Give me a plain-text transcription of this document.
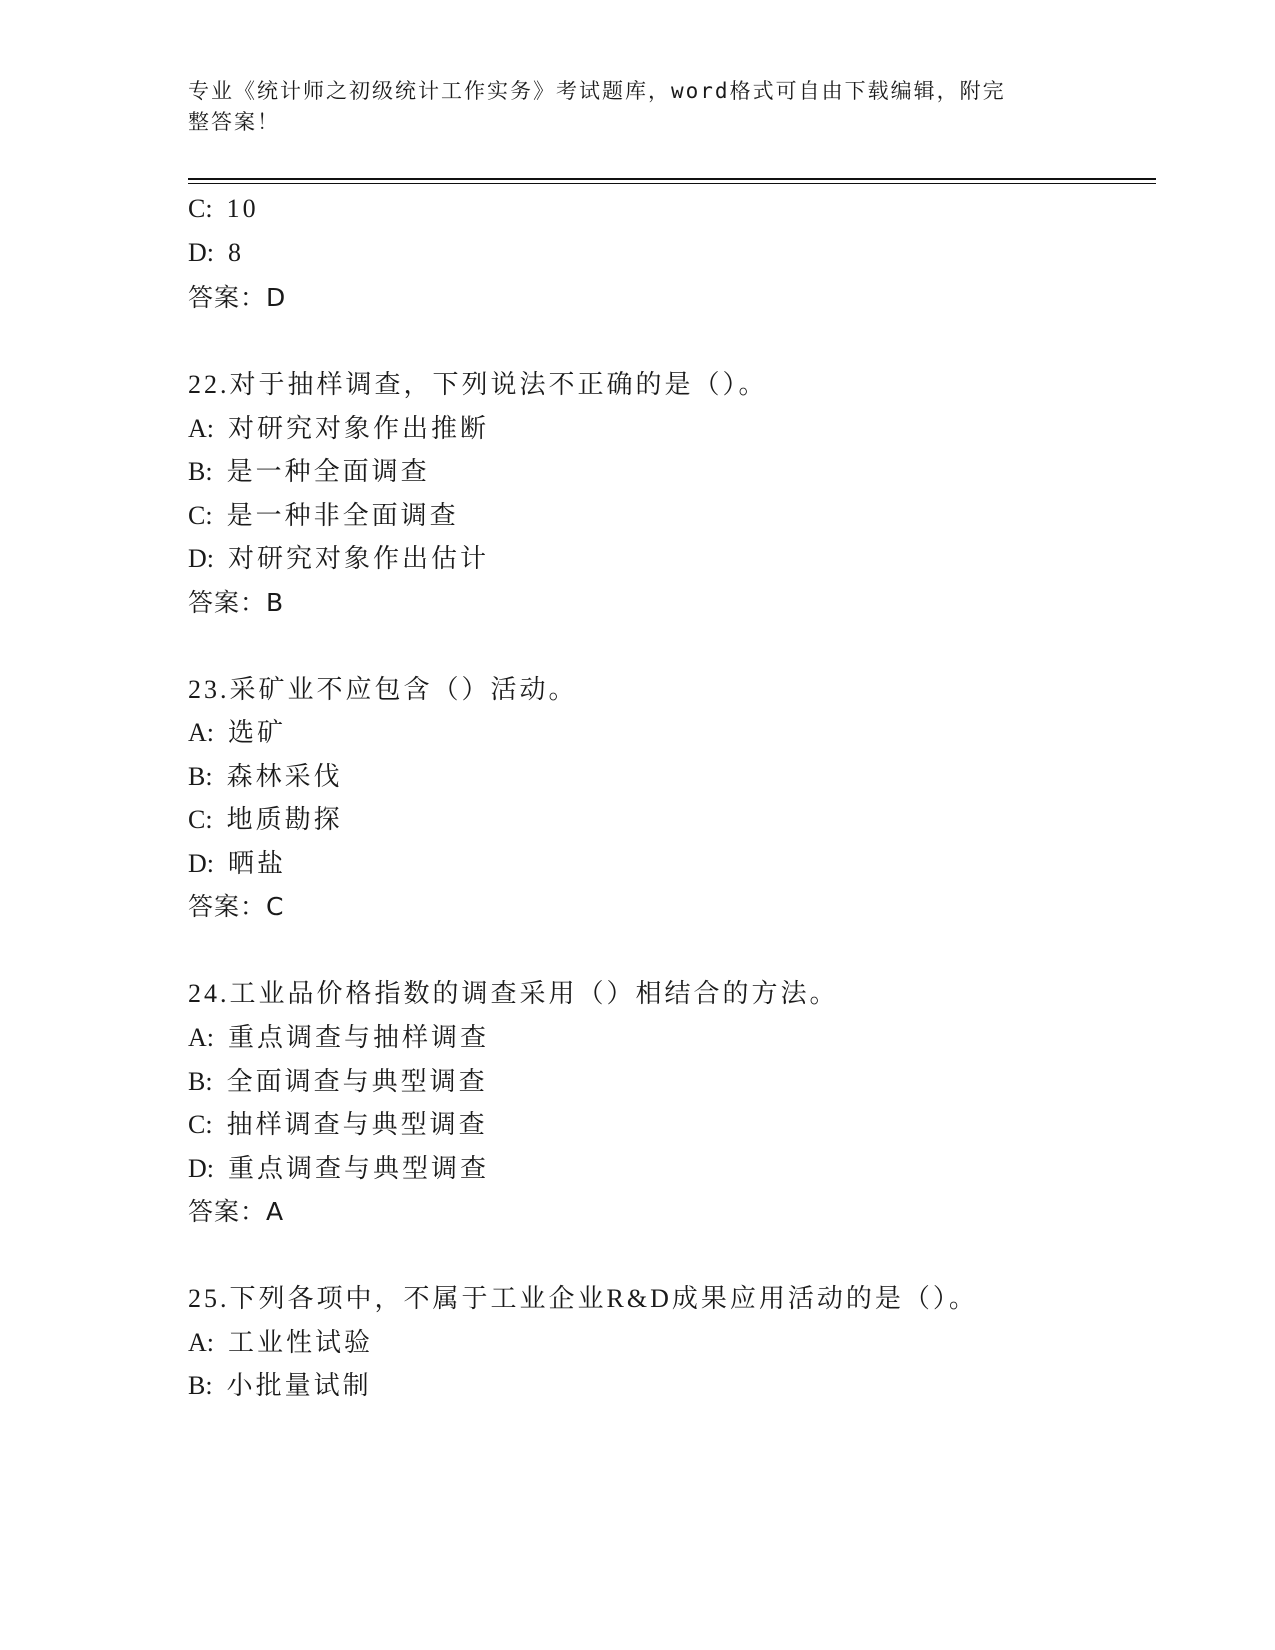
专业《统计师之初级统计工作实务》考试题库，word格式可自由下载编辑，附完
整答案！
C: 10
D: 8
答案：D
22.对于抽样调查，下列说法不正确的是（）。
A: 对研究对象作出推断
B: 是一种全面调查
C: 是一种非全面调查
D: 对研究对象作出估计
答案：B
23.采矿业不应包含（）活动。
A: 选矿
B: 森林采伐
C: 地质勘探
D: 晒盐
答案：C
24.工业品价格指数的调查采用（）相结合的方法。
A: 重点调查与抽样调查
B: 全面调查与典型调查
C: 抽样调查与典型调查
D: 重点调查与典型调查
答案：A
25.下列各项中，不属于工业企业R&D成果应用活动的是（）。
A: 工业性试验
B: 小批量试制
